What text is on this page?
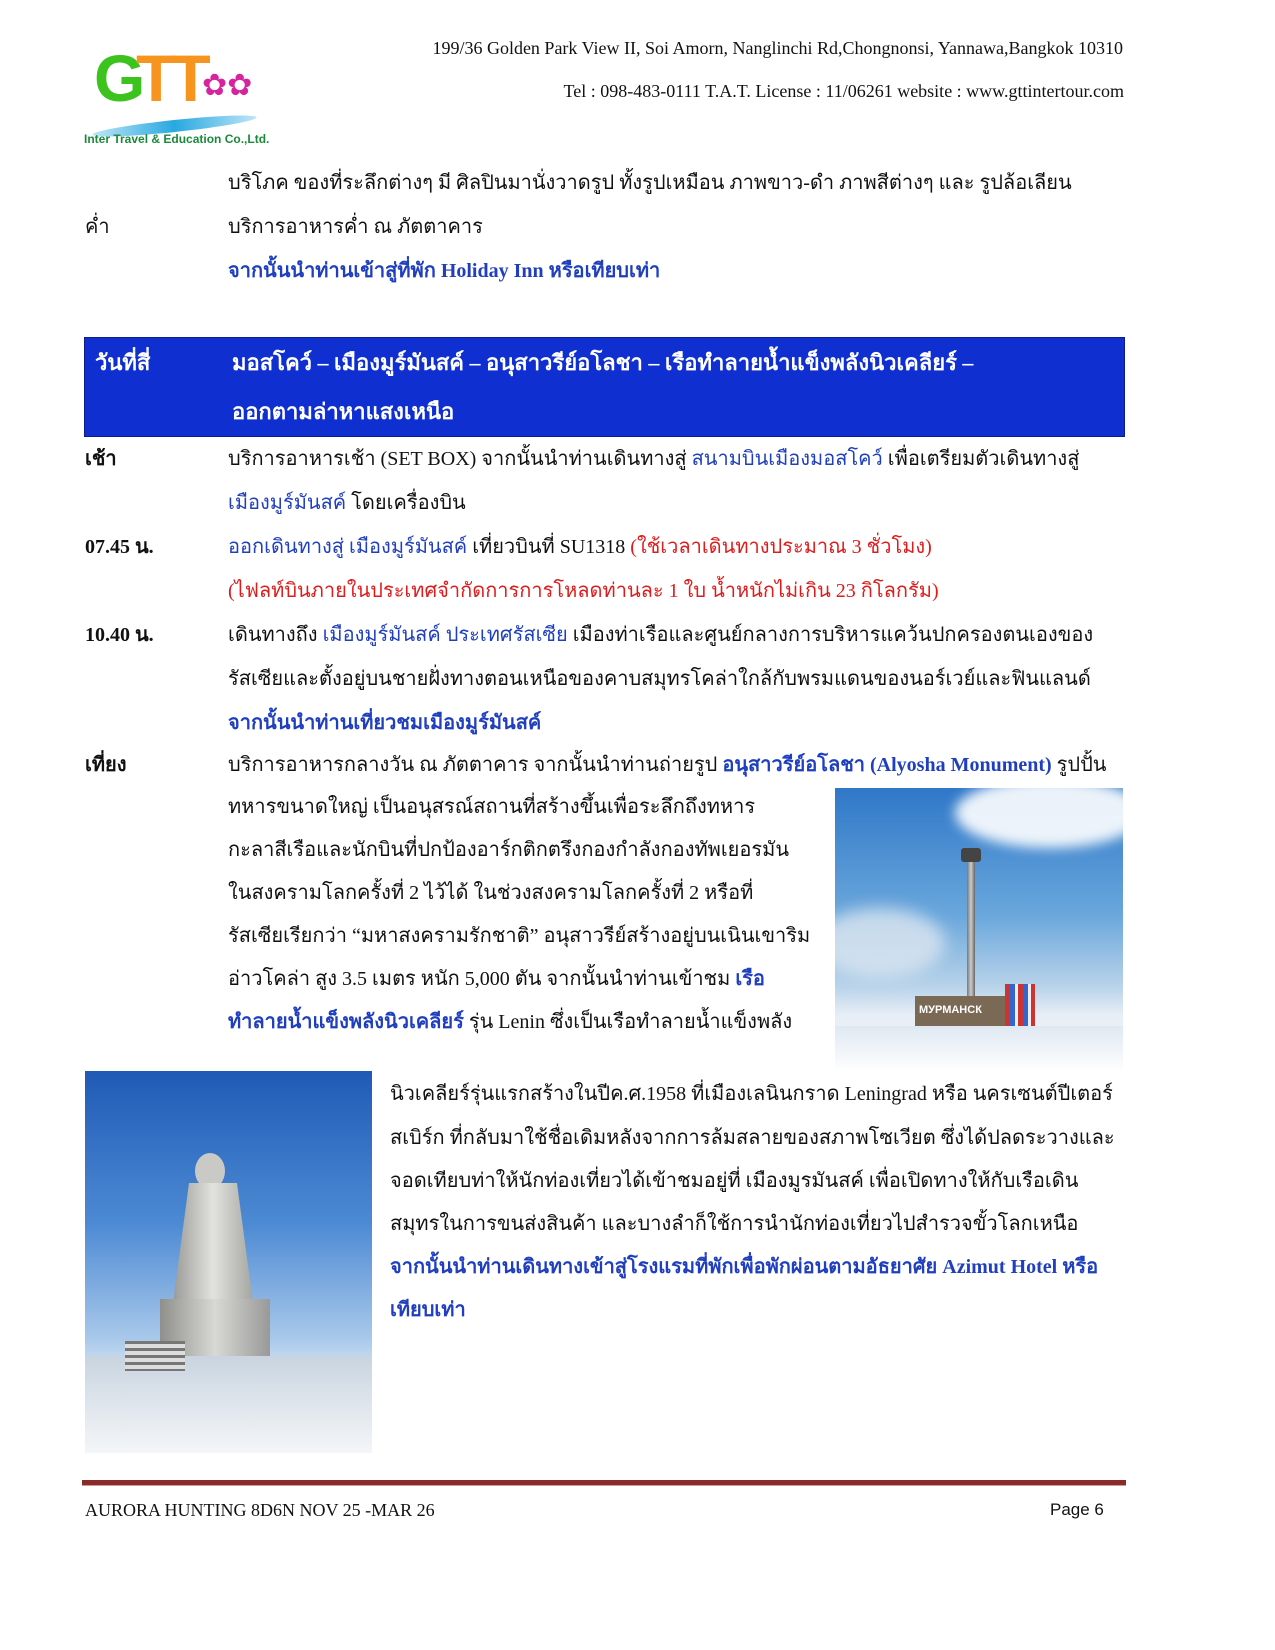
G
TT
✿✿
Inter Travel & Education Co.,Ltd.
199/36 Golden Park View II, Soi Amorn, Nanglinchi Rd,Chongnonsi, Yannawa,Bangkok 10310
Tel : 098-483-0111 T.A.T. License : 11/06261 website : www.gttintertour.com
บริโภค ของที่ระลึกต่างๆ มี ศิลปินมานั่งวาดรูป ทั้งรูปเหมือน ภาพขาว-ดำ ภาพสีต่างๆ และ รูปล้อเลียน
ค่ำ	บริการอาหารค่ำ ณ ภัตตาคาร
จากนั้นนำท่านเข้าสู่ที่พัก Holiday Inn หรือเทียบเท่า
วันที่สี่	มอสโคว์ – เมืองมูร์มันสค์ – อนุสาวรีย์อโลชา – เรือทำลายน้ำแข็งพลังนิวเคลียร์ –
ออกตามล่าหาแสงเหนือ
เช้า	บริการอาหารเช้า (SET BOX) จากนั้นนำท่านเดินทางสู่ สนามบินเมืองมอสโคว์ เพื่อเตรียมตัวเดินทางสู่
เมืองมูร์มันสค์ โดยเครื่องบิน
07.45 น.	ออกเดินทางสู่ เมืองมูร์มันสค์ เที่ยวบินที่ SU1318 (ใช้เวลาเดินทางประมาณ 3 ชั่วโมง)
(ไฟลท์บินภายในประเทศจำกัดการการโหลดท่านละ 1 ใบ น้ำหนักไม่เกิน 23 กิโลกรัม)
10.40 น.	เดินทางถึง เมืองมูร์มันสค์ ประเทศรัสเซีย เมืองท่าเรือและศูนย์กลางการบริหารแคว้นปกครองตนเองของ
รัสเซียและตั้งอยู่บนชายฝั่งทางตอนเหนือของคาบสมุทรโคล่าใกล้กับพรมแดนของนอร์เวย์และฟินแลนด์
จากนั้นนำท่านเที่ยวชมเมืองมูร์มันสค์
เที่ยง	บริการอาหารกลางวัน ณ ภัตตาคาร จากนั้นนำท่านถ่ายรูป อนุสาวรีย์อโลชา (Alyosha Monument) รูปปั้น
ทหารขนาดใหญ่ เป็นอนุสรณ์สถานที่สร้างขึ้นเพื่อระลึกถึงทหาร
กะลาสีเรือและนักบินที่ปกป้องอาร์กติกตรึงกองกำลังกองทัพเยอรมัน
ในสงครามโลกครั้งที่ 2 ไว้ได้ ในช่วงสงครามโลกครั้งที่ 2 หรือที่
รัสเซียเรียกว่า “มหาสงครามรักชาติ” อนุสาวรีย์สร้างอยู่บนเนินเขาริม
อ่าวโคล่า สูง 3.5 เมตร หนัก 5,000 ตัน จากนั้นนำท่านเข้าชม เรือ
ทำลายน้ำแข็งพลังนิวเคลียร์ รุ่น Lenin ซึ่งเป็นเรือทำลายน้ำแข็งพลัง
นิวเคลียร์รุ่นแรกสร้างในปีค.ศ.1958 ที่เมืองเลนินกราด Leningrad หรือ นครเซนต์ปีเตอร์
สเบิร์ก ที่กลับมาใช้ชื่อเดิมหลังจากการล้มสลายของสภาพโซเวียต ซึ่งได้ปลดระวางและ
จอดเทียบท่าให้นักท่องเที่ยวได้เข้าชมอยู่ที่ เมืองมูรมันสค์ เพื่อเปิดทางให้กับเรือเดิน
สมุทรในการขนส่งสินค้า และบางลำก็ใช้การนำนักท่องเที่ยวไปสำรวจขั้วโลกเหนือ
จากนั้นนำท่านเดินทางเข้าสู่โรงแรมที่พักเพื่อพักผ่อนตามอัธยาศัย Azimut Hotel หรือ
เทียบเท่า
МУРМАНСК
AURORA HUNTING 8D6N NOV 25 -MAR 26	Page 6
